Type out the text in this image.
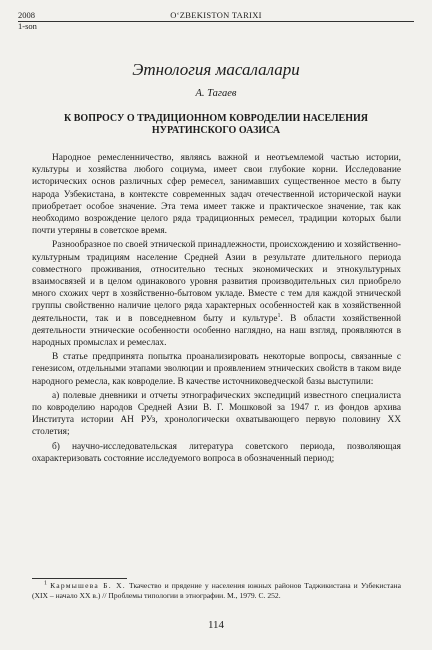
2008
1-son
O‘ZBEKISTON TARIXI
Этнология масалалари
А. Тагаев
К ВОПРОСУ О ТРАДИЦИОННОМ КОВРОДЕЛИИ НАСЕЛЕНИЯ НУРАТИНСКОГО ОАЗИСА

Народное ремесленничество, являясь важной и неотъемлемой частью истории, культуры и хозяйства любого социума, имеет свои глубокие корни. Исследование исторических основ различных сфер ремесел, занимавших существенное место в быту народа Узбекистана, в контексте современных задач отечественной исторической науки приобретает особое значение. Эта тема имеет также и практическое значение, так как необходимо возрождение целого ряда традиционных ремесел, традиции которых были почти утеряны в советское время.

Разнообразное по своей этнической принадлежности, происхождению и хозяйственно-культурным традициям население Средней Азии в результате длительного периода совместного проживания, относительно тесных экономических и этнокультурных взаимосвязей и в целом одинакового уровня развития производительных сил приобрело много схожих черт в хозяйственно-бытовом укладе. Вместе с тем для каждой этнической группы свойственно наличие целого ряда характерных особенностей как в хозяйственной деятельности, так и в повседневном быту и культуре$^1$. В области хозяйственной деятельности этнические особенности особенно наглядно, на наш взгляд, проявляются в народных промыслах и ремеслах.

В статье предпринята попытка проанализировать некоторые вопросы, связанные с генезисом, отдельными этапами эволюции и проявлением этнических свойств в таком виде народного ремесла, как ковроделие. В качестве источниковедческой базы выступили:

а) полевые дневники и отчеты этнографических экспедиций известного специалиста по ковроделию народов Средней Азии В. Г. Мошковой за 1947 г. из фондов архива Института истории АН РУз, хронологически охватывающего первую половину XX столетия;

б) научно-исследовательская литература советского периода, позволяющая охарактеризовать состояние исследуемого вопроса в обозначенный период;

$^1$ Кармышева Б. Х. Ткачество и прядение у населения южных районов Таджикистана и Узбекистана (XIX – начало XX в.) // Проблемы типологии в этнографии. М., 1979. С. 252.
114
